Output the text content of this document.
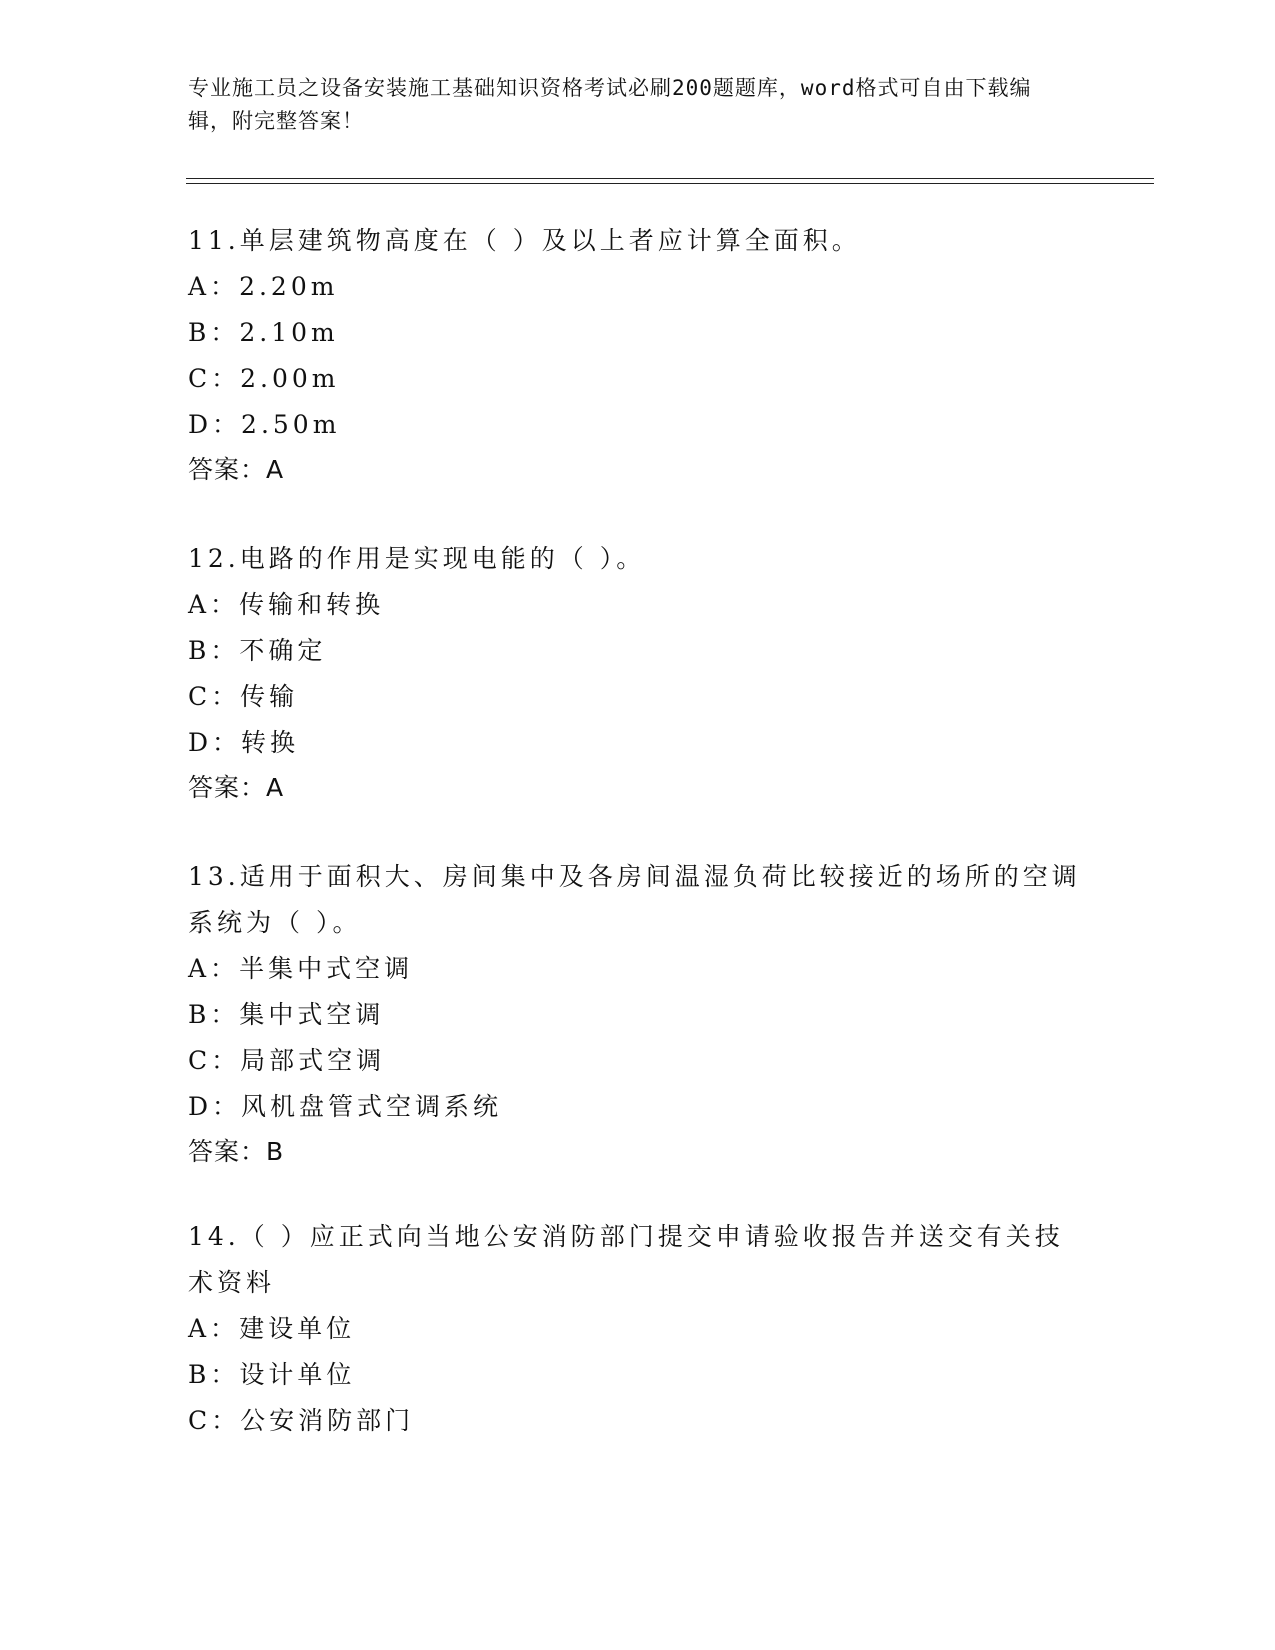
专业施工员之设备安装施工基础知识资格考试必刷200题题库，word格式可自由下载编辑，附完整答案！

11.单层建筑物高度在（ ）及以上者应计算全面积。

A：2.20m

B：2.10m

C：2.00m

D：2.50m

答案：A

12.电路的作用是实现电能的（ ）。

A：传输和转换

B：不确定

C：传输

D：转换

答案：A

13.适用于面积大、房间集中及各房间温湿负荷比较接近的场所的空调系统为（ ）。

A：半集中式空调

B：集中式空调

C：局部式空调

D：风机盘管式空调系统

答案：B

14.（ ）应正式向当地公安消防部门提交申请验收报告并送交有关技术资料

A：建设单位

B：设计单位

C：公安消防部门
